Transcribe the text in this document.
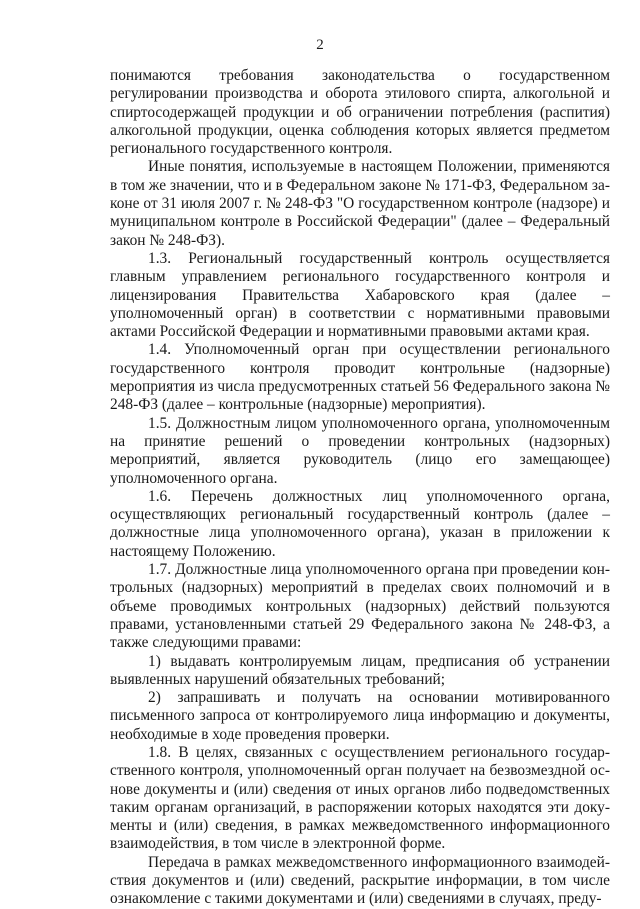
2

понимаются требования законодательства о государственном регулировании производства и оборота этилового спирта, алкогольной и спиртосодержащей продукции и об ограничении потребления (распития) алкогольной продукции, оценка соблюдения которых является предметом регионального государственного контроля.

Иные понятия, используемые в настоящем Положении, применяются в том же значении, что и в Федеральном законе № 171-ФЗ, Федеральном законе от 31 июля 2007 г. № 248-ФЗ "О государственном контроле (надзоре) и муниципальном контроле в Российской Федерации" (далее – Федеральный закон № 248-ФЗ).

1.3. Региональный государственный контроль осуществляется главным управлением регионального государственного контроля и лицензирования Правительства Хабаровского края (далее – уполномоченный орган) в соответствии с нормативными правовыми актами Российской Федерации и нормативными правовыми актами края.

1.4. Уполномоченный орган при осуществлении регионального государственного контроля проводит контрольные (надзорные) мероприятия из числа предусмотренных статьей 56 Федерального закона № 248-ФЗ (далее – контрольные (надзорные) мероприятия).

1.5. Должностным лицом уполномоченного органа, уполномоченным на принятие решений о проведении контрольных (надзорных) мероприятий, является руководитель (лицо его замещающее) уполномоченного органа.

1.6. Перечень должностных лиц уполномоченного органа, осуществляющих региональный государственный контроль (далее – должностные лица уполномоченного органа), указан в приложении к настоящему Положению.

1.7. Должностные лица уполномоченного органа при проведении контрольных (надзорных) мероприятий в пределах своих полномочий и в объеме проводимых контрольных (надзорных) действий пользуются правами, установленными статьей 29 Федерального закона № 248-ФЗ, а также следующими правами:

1) выдавать контролируемым лицам, предписания об устранении выявленных нарушений обязательных требований;

2) запрашивать и получать на основании мотивированного письменного запроса от контролируемого лица информацию и документы, необходимые в ходе проведения проверки.

1.8. В целях, связанных с осуществлением регионального государственного контроля, уполномоченный орган получает на безвозмездной основе документы и (или) сведения от иных органов либо подведомственных таким органам организаций, в распоряжении которых находятся эти документы и (или) сведения, в рамках межведомственного информационного взаимодействия, в том числе в электронной форме.

Передача в рамках межведомственного информационного взаимодействия документов и (или) сведений, раскрытие информации, в том числе ознакомление с такими документами и (или) сведениями в случаях, преду-
